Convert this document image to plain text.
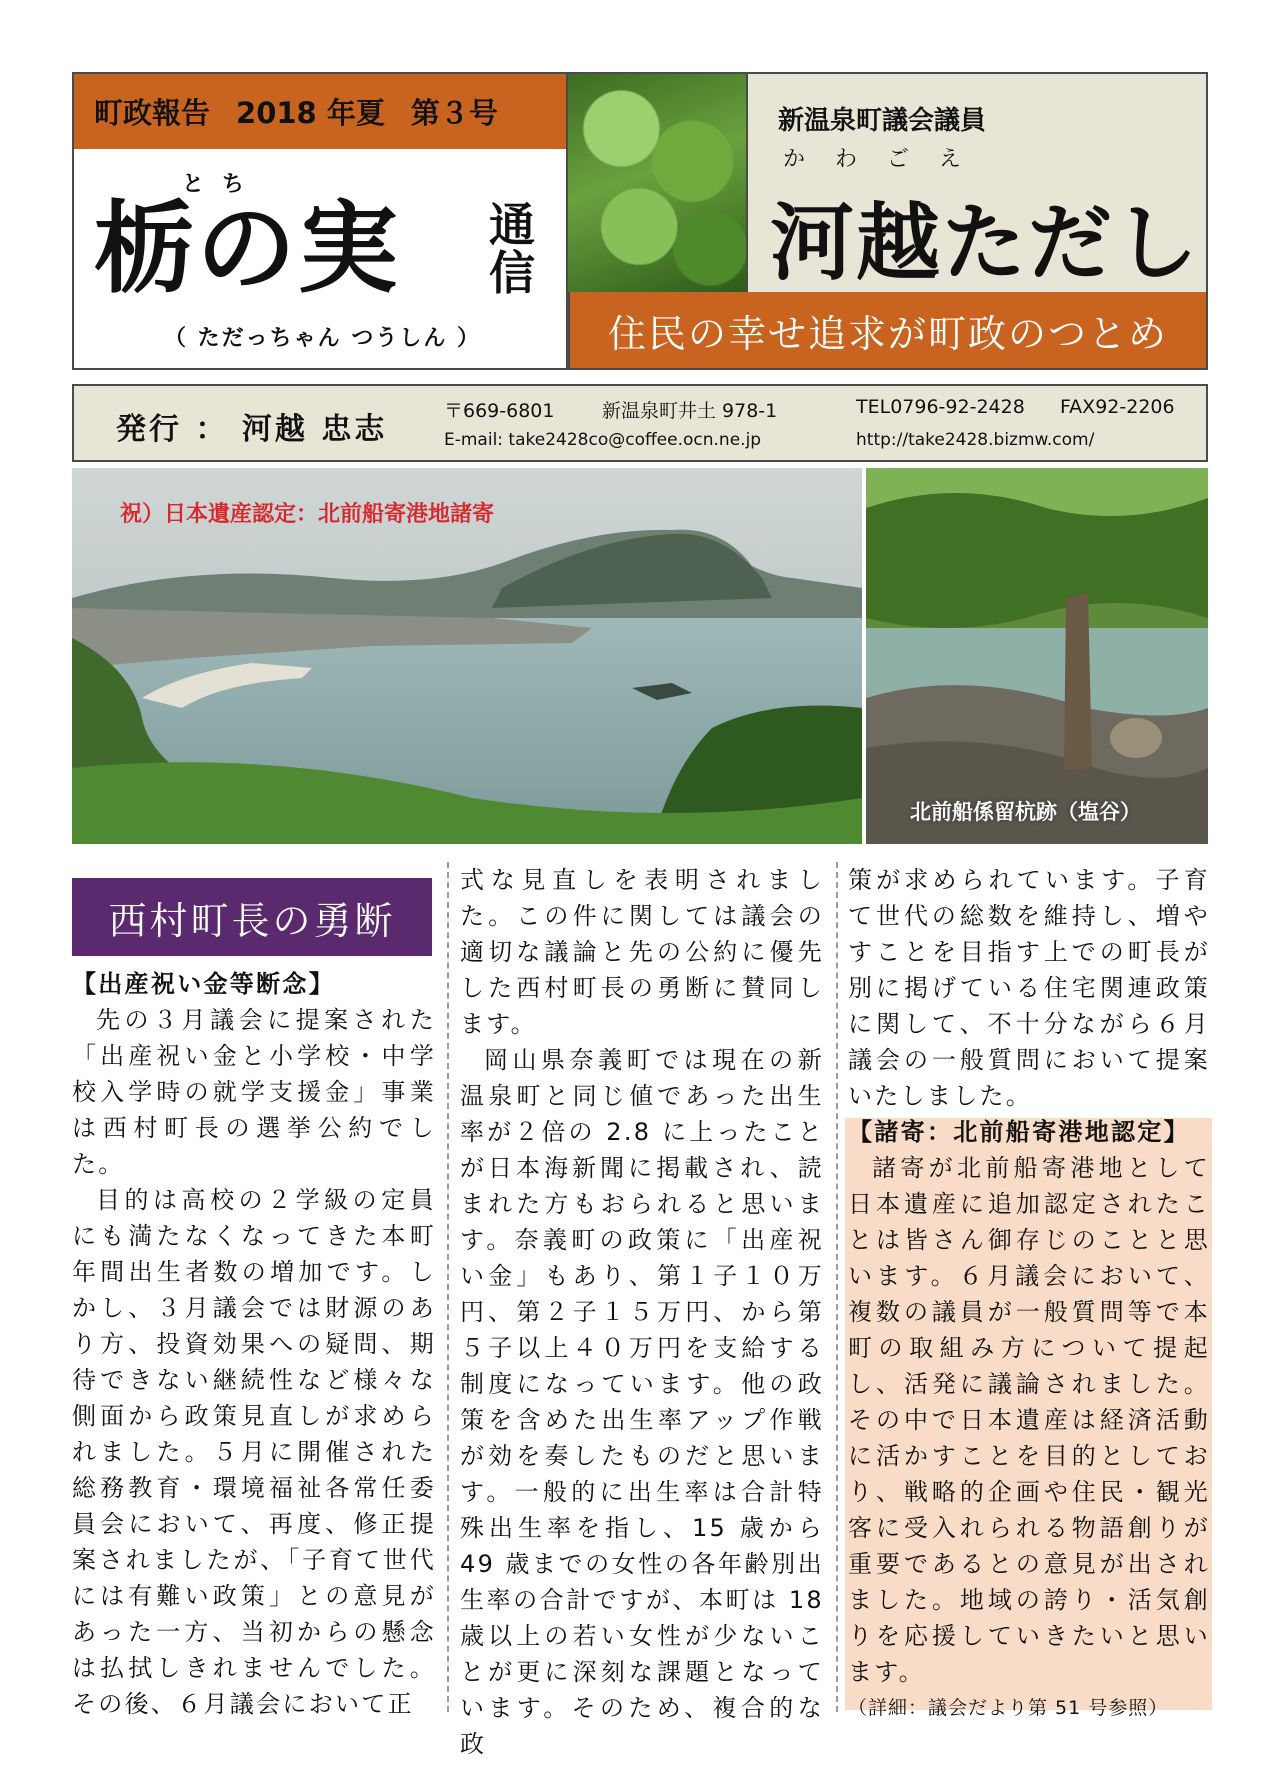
町政報告 2018 年夏 第３号
とち
栃の実 通信
（ ただっちゃん つうしん ）
新温泉町議会議員
かわごえ
河越ただし
住民の幸せ追求が町政のつとめ
発行 ： 河越 忠志
〒669-6801	新温泉町井土 978-1	TEL0796-92-2428 FAX92-2206
E-mail: take2428co@coffee.ocn.ne.jp	http://take2428.bizmw.com/
祝）日本遺産認定：北前船寄港地諸寄
北前船係留杭跡（塩谷）
西村町長の勇断

【出産祝い金等断念】

先の３月議会に提案された「出産祝い金と小学校・中学校入学時の就学支援金」事業は西村町長の選挙公約でした。

目的は高校の２学級の定員にも満たなくなってきた本町年間出生者数の増加です。しかし、３月議会では財源のあり方、投資効果への疑問、期待できない継続性など様々な側面から政策見直しが求められました。５月に開催された総務教育・環境福祉各常任委員会において、再度、修正提案されましたが、「子育て世代には有難い政策」との意見があった一方、当初からの懸念は払拭しきれませんでした。その後、６月議会において正

式な見直しを表明されました。この件に関しては議会の適切な議論と先の公約に優先した西村町長の勇断に賛同します。

岡山県奈義町では現在の新温泉町と同じ値であった出生率が２倍の 2.8 に上ったことが日本海新聞に掲載され、読まれた方もおられると思います。奈義町の政策に「出産祝い金」もあり、第１子１０万円、第２子１５万円、から第５子以上４０万円を支給する制度になっています。他の政策を含めた出生率アップ作戦が効を奏したものだと思います。一般的に出生率は合計特殊出生率を指し、15 歳から 49 歳までの女性の各年齢別出生率の合計ですが、本町は 18 歳以上の若い女性が少ないことが更に深刻な課題となっています。そのため、複合的な政

策が求められています。子育て世代の総数を維持し、増やすことを目指す上での町長が別に掲げている住宅関連政策に関して、不十分ながら６月議会の一般質問において提案いたしました。

【諸寄：北前船寄港地認定】

諸寄が北前船寄港地として日本遺産に追加認定されたことは皆さん御存じのことと思います。６月議会において、複数の議員が一般質問等で本町の取組み方について提起し、活発に議論されました。その中で日本遺産は経済活動に活かすことを目的としており、戦略的企画や住民・観光客に受入れられる物語創りが重要であるとの意見が出されました。地域の誇り・活気創りを応援していきたいと思います。

（詳細：議会だより第 51 号参照）
